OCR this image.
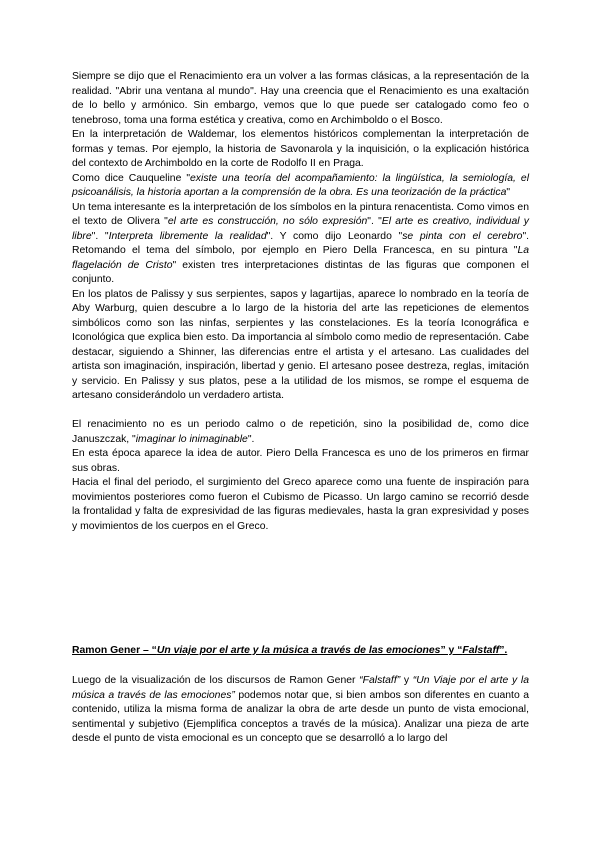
Siempre se dijo que el Renacimiento era un volver a las formas clásicas, a la representación de la realidad. "Abrir una ventana al mundo". Hay una creencia que el Renacimiento es una exaltación de lo bello y armónico. Sin embargo, vemos que lo que puede ser catalogado como feo o tenebroso, toma una forma estética y creativa, como en Archimboldo o el Bosco.

En la interpretación de Waldemar, los elementos históricos complementan la interpretación de formas y temas. Por ejemplo, la historia de Savonarola y la inquisición, o la explicación histórica del contexto de Archimboldo en la corte de Rodolfo II en Praga.

Como dice Cauqueline "existe una teoría del acompañamiento: la lingüística, la semiología, el psicoanálisis, la historia aportan a la comprensión de la obra. Es una teorización de la práctica"

Un tema interesante es la interpretación de los símbolos en la pintura renacentista. Como vimos en el texto de Olivera "el arte es construcción, no sólo expresión". "El arte es creativo, individual y libre". "Interpreta libremente la realidad". Y como dijo Leonardo "se pinta con el cerebro". Retomando el tema del símbolo, por ejemplo en Piero Della Francesca, en su pintura "La flagelación de Cristo" existen tres interpretaciones distintas de las figuras que componen el conjunto.

En los platos de Palissy y sus serpientes, sapos y lagartijas, aparece lo nombrado en la teoría de Aby Warburg, quien descubre a lo largo de la historia del arte las repeticiones de elementos simbólicos como son las ninfas, serpientes y las constelaciones. Es la teoría Iconográfica e Iconológica que explica bien esto. Da importancia al símbolo como medio de representación. Cabe destacar, siguiendo a Shinner, las diferencias entre el artista y el artesano. Las cualidades del artista son imaginación, inspiración, libertad y genio. El artesano posee destreza, reglas, imitación y servicio. En Palissy y sus platos, pese a la utilidad de los mismos, se rompe el esquema de artesano considerándolo un verdadero artista.

El renacimiento no es un periodo calmo o de repetición, sino la posibilidad de, como dice Januszczak, "imaginar lo inimaginable".

En esta época aparece la idea de autor. Piero Della Francesca es uno de los primeros en firmar sus obras.

Hacia el final del periodo, el surgimiento del Greco aparece como una fuente de inspiración para movimientos posteriores como fueron el Cubismo de Picasso. Un largo camino se recorrió desde la frontalidad y falta de expresividad de las figuras medievales, hasta la gran expresividad y poses y movimientos de los cuerpos en el Greco.

Ramon Gener – “Un viaje por el arte y la música a través de las emociones” y “Falstaff”.

Luego de la visualización de los discursos de Ramon Gener “Falstaff” y “Un Viaje por el arte y la música a través de las emociones” podemos notar que, si bien ambos son diferentes en cuanto a contenido, utiliza la misma forma de analizar la obra de arte desde un punto de vista emocional, sentimental y subjetivo (Ejemplifica conceptos a través de la música). Analizar una pieza de arte desde el punto de vista emocional es un concepto que se desarrolló a lo largo del
